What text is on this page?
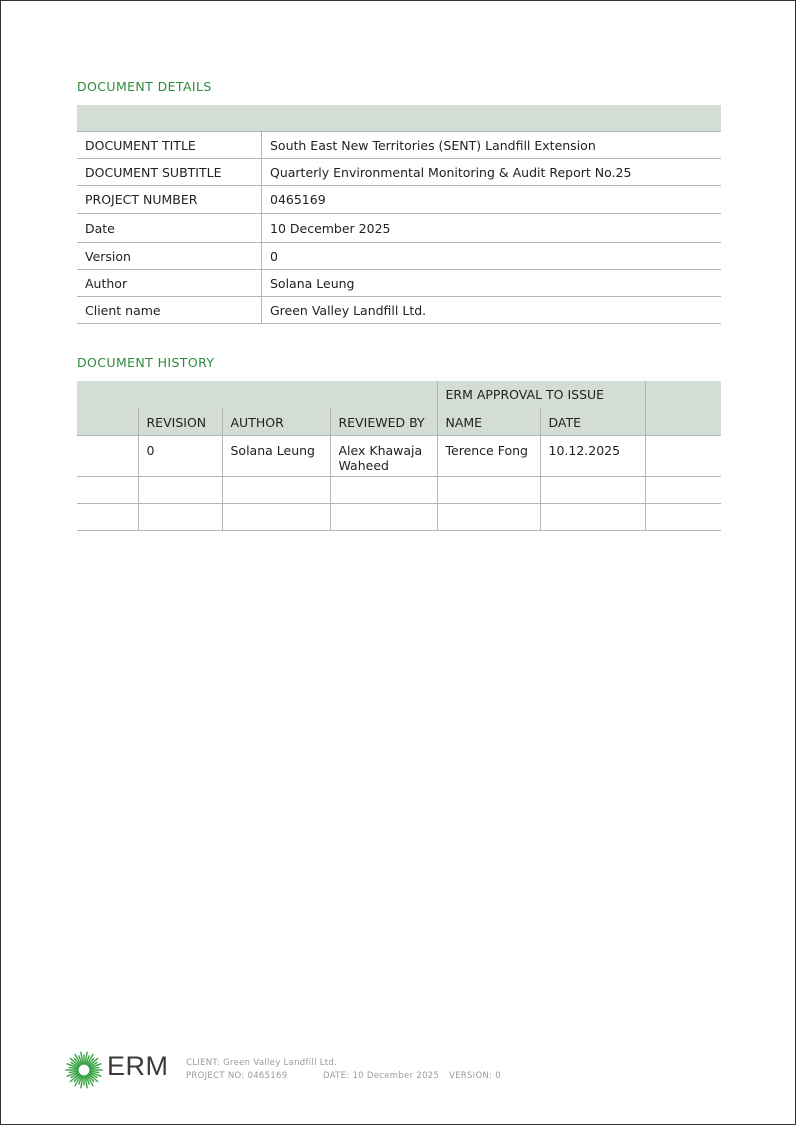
DOCUMENT DETAILS

DOCUMENT TITLE	South East New Territories (SENT) Landfill Extension
DOCUMENT SUBTITLE	Quarterly Environmental Monitoring & Audit Report No.25
PROJECT NUMBER	0465169
Date	10 December 2025
Version	0
Author	Solana Leung
Client name	Green Valley Landfill Ltd.
DOCUMENT HISTORY
				ERM APPROVAL TO ISSUE		
	REVISION	AUTHOR	REVIEWED BY	NAME	DATE	
	0	Solana Leung	Alex Khawaja Waheed	Terence Fong	10.12.2025	

ERM CLIENT: Green Valley Landfill Ltd.
PROJECT NO: 0465169	DATE: 10 December 2025 VERSION: 0
